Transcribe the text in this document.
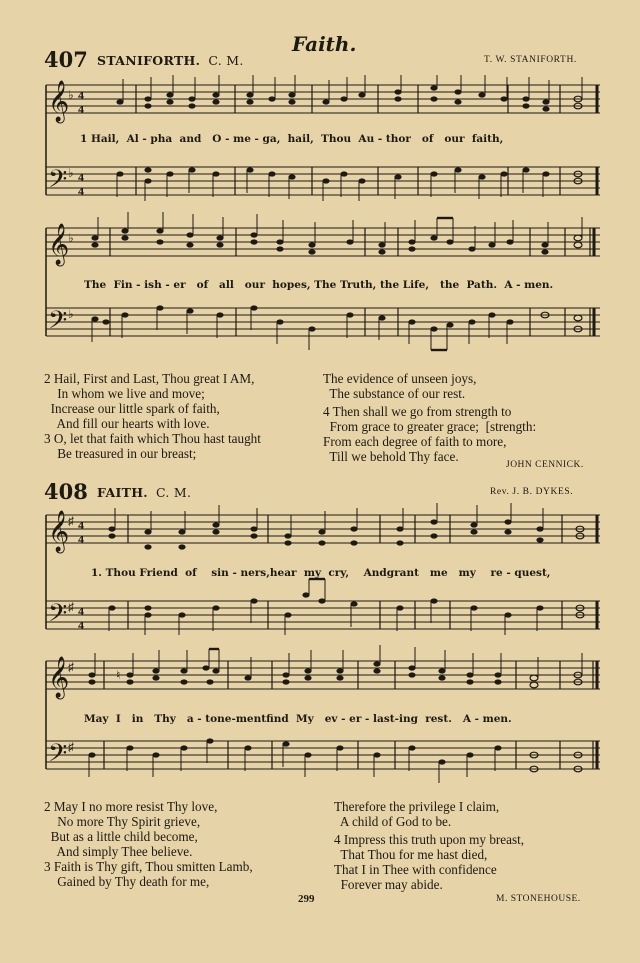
Faith.
407 STANIFORTH. C. M.	T. W. STANIFORTH.
𝄞
𝄢
♭
♭
4
4
4
4
1 Hail,  Al - pha  and   O - me - ga,  hail,  Thou  Au - thor   of   our  faith,
𝄞
𝄢
♭
♭
The  Fin - ish - er   of   all   our  hopes, The Truth, the Life,   the  Path.  A - men.
2 Hail, First and Last, Thou great I AM,
In whom we live and move;
Increase our little spark of faith,
And fill our hearts with love.
3 O, let that faith which Thou hast taught
Be treasured in our breast;
The evidence of unseen joys,
The substance of our rest.
4 Then shall we go from strength to
From grace to greater grace;  [strength:
From each degree of faith to more,
Till we behold Thy face.
JOHN CENNICK.
408 FAITH. C. M.	Rev. J. B. DYKES.
𝄞
𝄢
♯
♯
4
4
4
4
1. Thou Friend  of    sin - ners,hear  my  cry,    Andgrant   me   my    re - quest,
𝄞
𝄢
♯
♯
♮
May  I   in   Thy   a - tone-mentfind  My   ev - er - last-ing  rest.   A - men.
2 May I no more resist Thy love,
No more Thy Spirit grieve,
But as a little child become,
And simply Thee believe.
3 Faith is Thy gift, Thou smitten Lamb,
Gained by Thy death for me,
Therefore the privilege I claim,
A child of God to be.
4 Impress this truth upon my breast,
That Thou for me hast died,
That I in Thee with confidence
Forever may abide.
299	M. STONEHOUSE.
